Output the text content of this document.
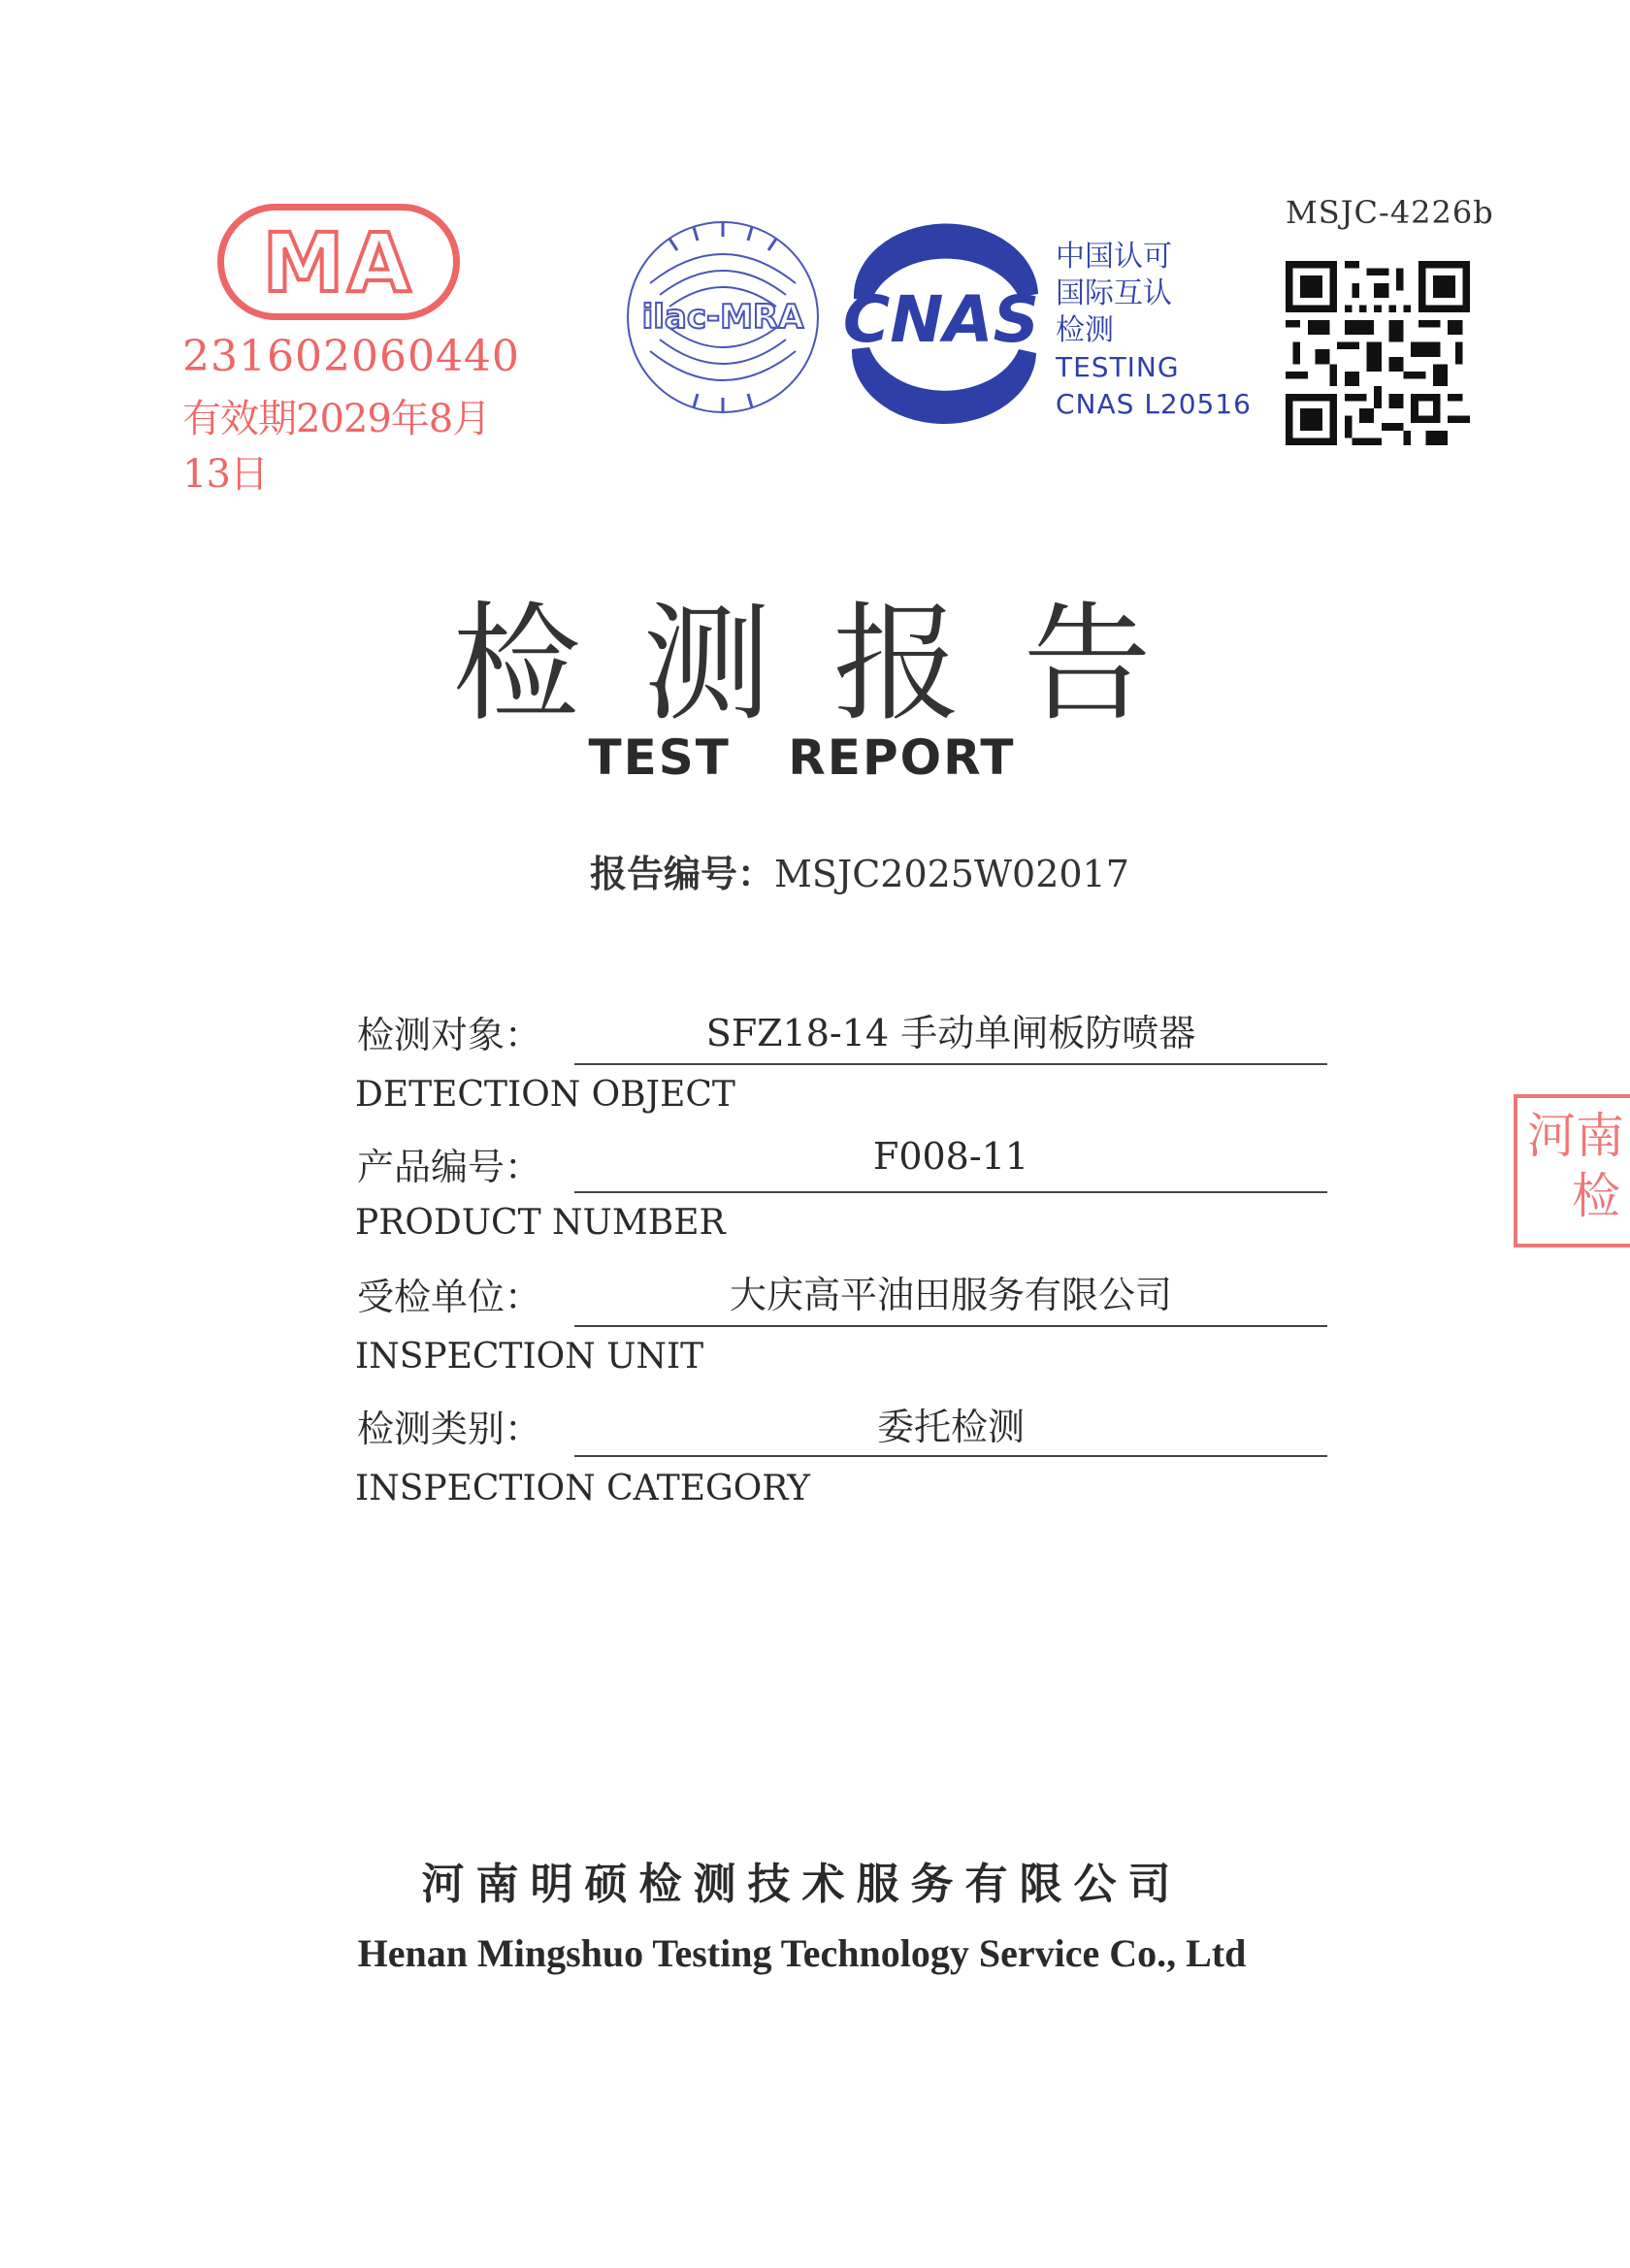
MSJC-4226b
MA
231602060440
有效期2029年8月13日
ilac-MRA CNAS
中国认可
国际互认
检测
TESTING
CNAS L20516
检测报告
TEST REPORT
报告编号：MSJC2025W02017
检测对象：	SFZ18-14 手动单闸板防喷器
DETECTION OBJECT
产品编号：	F008-11
PRODUCT NUMBER
受检单位：	大庆高平油田服务有限公司
INSPECTION UNIT
检测类别：	委托检测
INSPECTION CATEGORY
河南
检
河南明硕检测技术服务有限公司
Henan Mingshuo Testing Technology Service Co., Ltd
